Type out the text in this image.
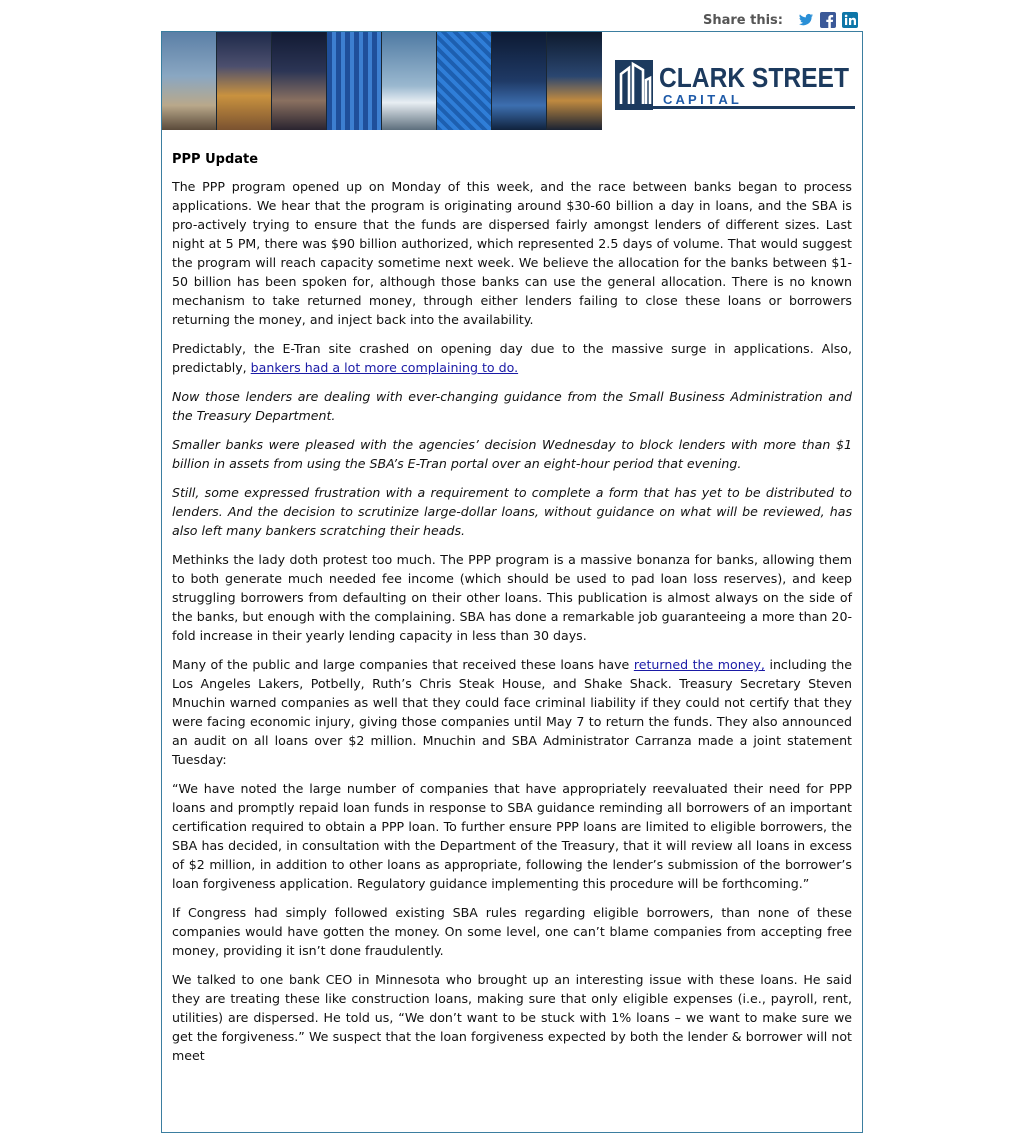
Share this:
CLARK STREET
C A P I T A L
PPP Update

The PPP program opened up on Monday of this week, and the race between banks began to process applications. We hear that the program is originating around $30-60 billion a day in loans, and the SBA is pro-actively trying to ensure that the funds are dispersed fairly amongst lenders of different sizes. Last night at 5 PM, there was $90 billion authorized, which represented 2.5 days of volume. That would suggest the program will reach capacity sometime next week. We believe the allocation for the banks between $1-50 billion has been spoken for, although those banks can use the general allocation. There is no known mechanism to take returned money, through either lenders failing to close these loans or borrowers returning the money, and inject back into the availability.

Predictably, the E-Tran site crashed on opening day due to the massive surge in applications. Also, predictably, bankers had a lot more complaining to do.

Now those lenders are dealing with ever-changing guidance from the Small Business Administration and the Treasury Department.

Smaller banks were pleased with the agencies’ decision Wednesday to block lenders with more than $1 billion in assets from using the SBA’s E-Tran portal over an eight-hour period that evening.

Still, some expressed frustration with a requirement to complete a form that has yet to be distributed to lenders. And the decision to scrutinize large-dollar loans, without guidance on what will be reviewed, has also left many bankers scratching their heads.

Methinks the lady doth protest too much. The PPP program is a massive bonanza for banks, allowing them to both generate much needed fee income (which should be used to pad loan loss reserves), and keep struggling borrowers from defaulting on their other loans. This publication is almost always on the side of the banks, but enough with the complaining. SBA has done a remarkable job guaranteeing a more than 20-fold increase in their yearly lending capacity in less than 30 days.

Many of the public and large companies that received these loans have returned the money, including the Los Angeles Lakers, Potbelly, Ruth’s Chris Steak House, and Shake Shack. Treasury Secretary Steven Mnuchin warned companies as well that they could face criminal liability if they could not certify that they were facing economic injury, giving those companies until May 7 to return the funds. They also announced an audit on all loans over $2 million. Mnuchin and SBA Administrator Carranza made a joint statement Tuesday:

“We have noted the large number of companies that have appropriately reevaluated their need for PPP loans and promptly repaid loan funds in response to SBA guidance reminding all borrowers of an important certification required to obtain a PPP loan. To further ensure PPP loans are limited to eligible borrowers, the SBA has decided, in consultation with the Department of the Treasury, that it will review all loans in excess of $2 million, in addition to other loans as appropriate, following the lender’s submission of the borrower’s loan forgiveness application. Regulatory guidance implementing this procedure will be forthcoming.”

If Congress had simply followed existing SBA rules regarding eligible borrowers, than none of these companies would have gotten the money. On some level, one can’t blame companies from accepting free money, providing it isn’t done fraudulently.

We talked to one bank CEO in Minnesota who brought up an interesting issue with these loans. He said they are treating these like construction loans, making sure that only eligible expenses (i.e., payroll, rent, utilities) are dispersed. He told us, “We don’t want to be stuck with 1% loans – we want to make sure we get the forgiveness.” We suspect that the loan forgiveness expected by both the lender & borrower will not meet
